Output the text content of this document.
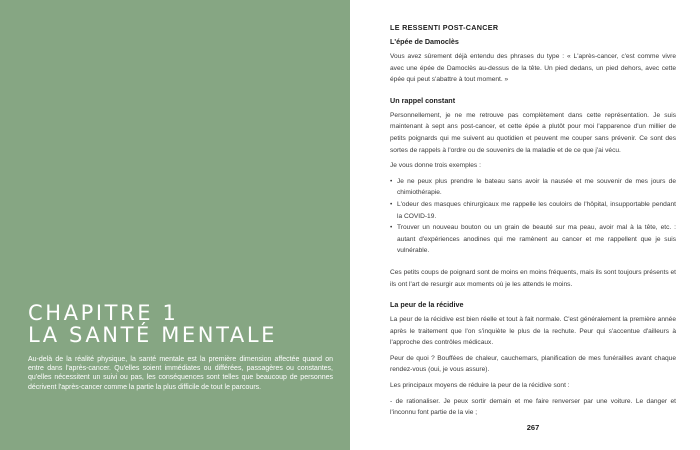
CHAPITRE 1
LA SANTÉ MENTALE

Au-delà de la réalité physique, la santé mentale est la première dimension affectée quand on entre dans l'après-cancer. Qu'elles soient immédiates ou différées, passagères ou constantes, qu'elles nécessitent un suivi ou pas, les conséquences sont telles que beaucoup de personnes décrivent l'après-cancer comme la partie la plus difficile de tout le parcours.

LE RESSENTI POST-CANCER
L'épée de Damoclès

Vous avez sûrement déjà entendu des phrases du type : « L'après-cancer, c'est comme vivre avec une épée de Damoclès au-dessus de la tête. Un pied dedans, un pied dehors, avec cette épée qui peut s'abattre à tout moment. »

Un rappel constant

Personnellement, je ne me retrouve pas complètement dans cette représentation. Je suis maintenant à sept ans post-cancer, et cette épée a plutôt pour moi l'apparence d'un millier de petits poignards qui me suivent au quotidien et peuvent me couper sans prévenir. Ce sont des sortes de rappels à l'ordre ou de souvenirs de la maladie et de ce que j'ai vécu.

Je vous donne trois exemples :

• Je ne peux plus prendre le bateau sans avoir la nausée et me souvenir de mes jours de chimiothérapie.
• L'odeur des masques chirurgicaux me rappelle les couloirs de l'hôpital, insupportable pendant la COVID-19.
• Trouver un nouveau bouton ou un grain de beauté sur ma peau, avoir mal à la tête, etc. : autant d'expériences anodines qui me ramènent au cancer et me rappellent que je suis vulnérable.

Ces petits coups de poignard sont de moins en moins fréquents, mais ils sont toujours présents et ils ont l'art de resurgir aux moments où je les attends le moins.

La peur de la récidive

La peur de la récidive est bien réelle et tout à fait normale. C'est généralement la première année après le traitement que l'on s'inquiète le plus de la rechute. Peur qui s'accentue d'ailleurs à l'approche des contrôles médicaux.

Peur de quoi ? Bouffées de chaleur, cauchemars, planification de mes funérailles avant chaque rendez-vous (oui, je vous assure).

Les principaux moyens de réduire la peur de la récidive sont :

- de rationaliser. Je peux sortir demain et me faire renverser par une voiture. Le danger et l'inconnu font partie de la vie ;

267
